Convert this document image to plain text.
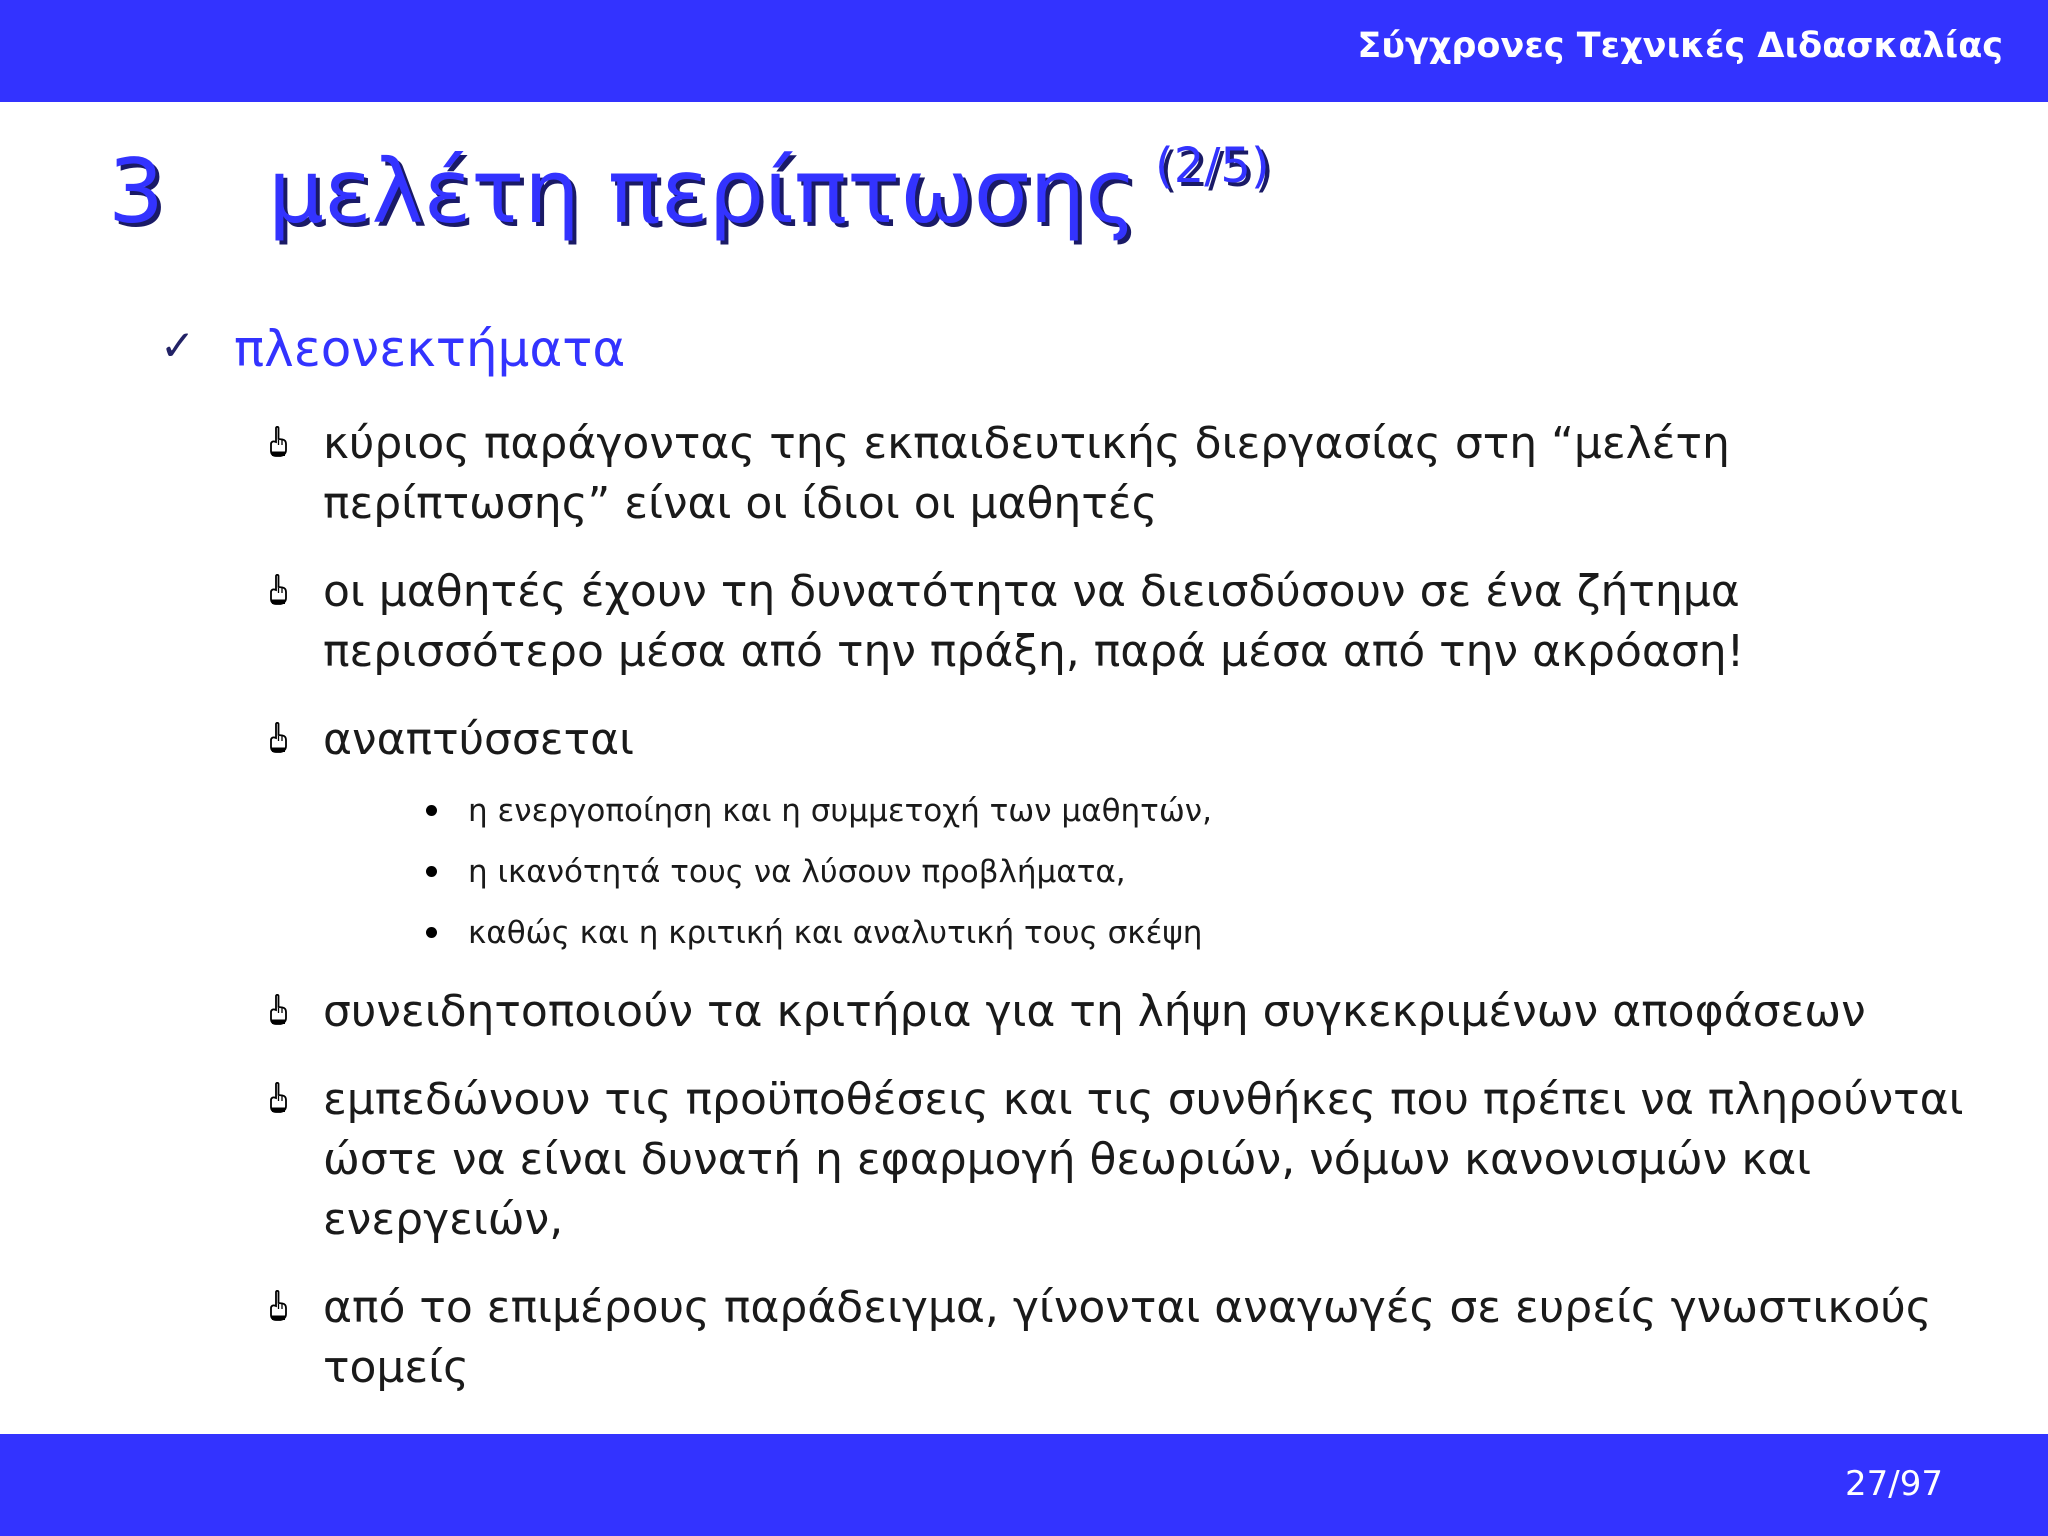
Σύγχρονες Τεχνικές Διδασκαλίας
3 μελέτη περίπτωσης $^{(2/5)}$
✓ πλεονεκτήματα
κύριος παράγοντας της εκπαιδευτικής διεργασίας στη “μελέτη περίπτωσης” είναι οι ίδιοι οι μαθητές
οι μαθητές έχουν τη δυνατότητα να διεισδύσουν σε ένα ζήτημα περισσότερο μέσα από την πράξη, παρά μέσα από την ακρόαση!
αναπτύσσεται
η ενεργοποίηση και η συμμετοχή των μαθητών,
η ικανότητά τους να λύσουν προβλήματα,
καθώς και η κριτική και αναλυτική τους σκέψη
συνειδητοποιούν τα κριτήρια για τη λήψη συγκεκριμένων αποφάσεων
εμπεδώνουν τις προϋποθέσεις και τις συνθήκες που πρέπει να πληρούνται ώστε να είναι δυνατή η εφαρμογή θεωριών, νόμων κανονισμών και ενεργειών,
από το επιμέρους παράδειγμα, γίνονται αναγωγές σε ευρείς γνωστικούς τομείς
27/97
